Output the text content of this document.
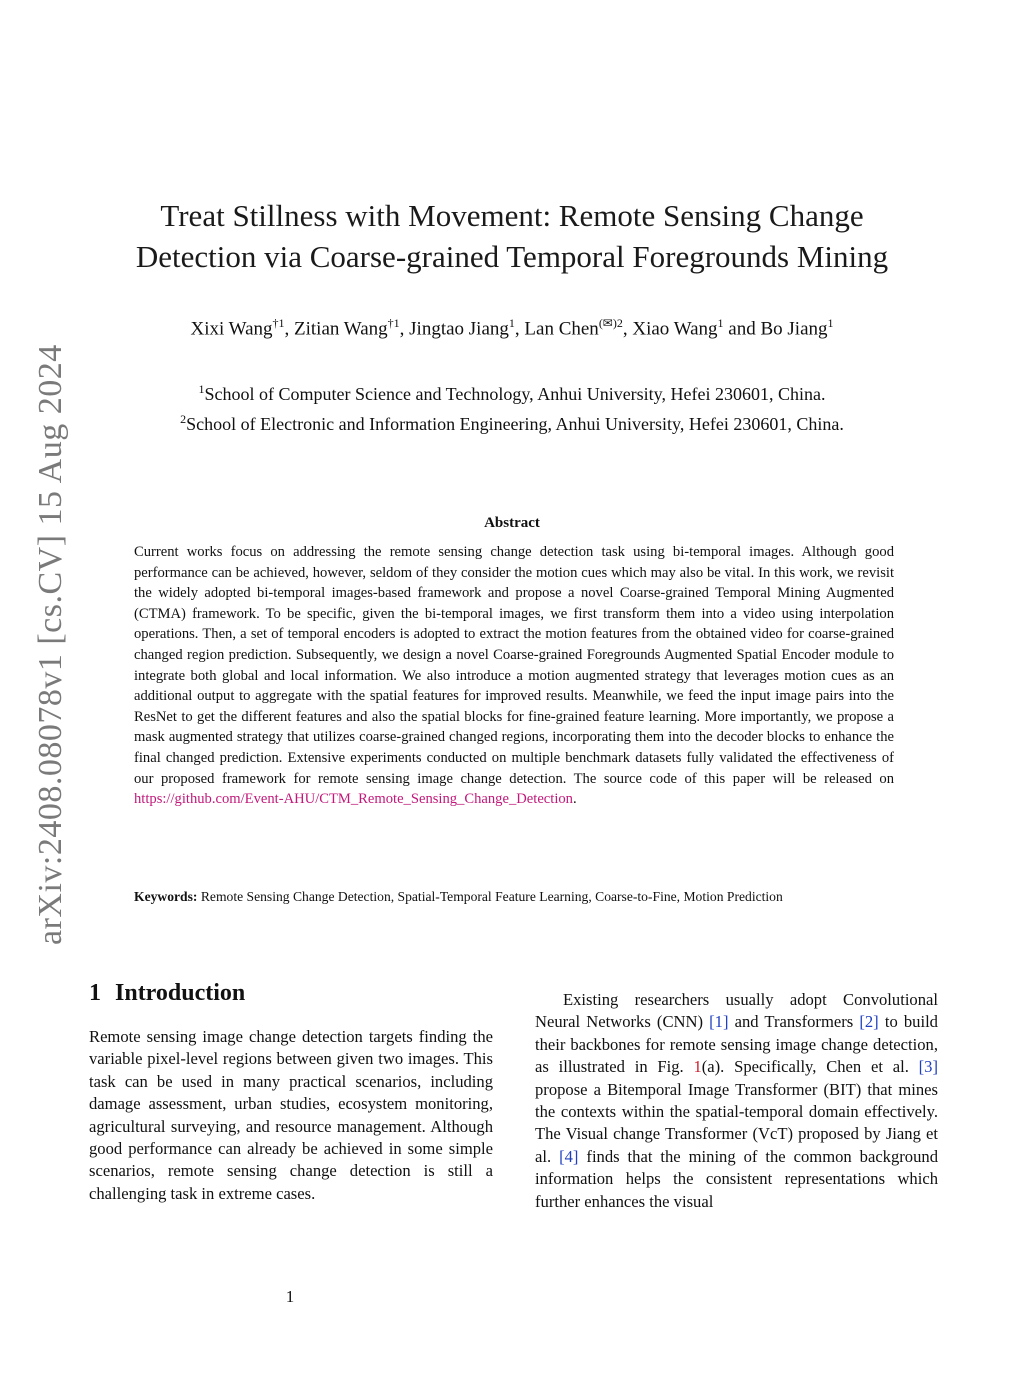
arXiv:2408.08078v1 [cs.CV] 15 Aug 2024
Treat Stillness with Movement: Remote Sensing Change
Detection via Coarse-grained Temporal Foregrounds Mining
Xixi Wang$^{\dagger 1}$, Zitian Wang$^{\dagger 1}$, Jingtao Jiang$^1$, Lan Chen$^{(✉)2}$, Xiao Wang$^1$ and Bo Jiang$^1$
$^1$School of Computer Science and Technology, Anhui University, Hefei 230601, China.
$^2$School of Electronic and Information Engineering, Anhui University, Hefei 230601, China.
Abstract
Current works focus on addressing the remote sensing change detection task using bi-temporal images. Although good performance can be achieved, however, seldom of they consider the motion cues which may also be vital. In this work, we revisit the widely adopted bi-temporal images-based framework and propose a novel Coarse-grained Temporal Mining Augmented (CTMA) framework. To be specific, given the bi-temporal images, we first transform them into a video using interpolation operations. Then, a set of temporal encoders is adopted to extract the motion features from the obtained video for coarse-grained changed region prediction. Subsequently, we design a novel Coarse-grained Foregrounds Augmented Spatial Encoder module to integrate both global and local information. We also introduce a motion augmented strategy that leverages motion cues as an additional output to aggregate with the spatial features for improved results. Meanwhile, we feed the input image pairs into the ResNet to get the different features and also the spatial blocks for fine-grained feature learning. More importantly, we propose a mask augmented strategy that utilizes coarse-grained changed regions, incorporating them into the decoder blocks to enhance the final changed prediction. Extensive experiments conducted on multiple benchmark datasets fully validated the effectiveness of our proposed framework for remote sensing image change detection. The source code of this paper will be released on https://github.com/Event-AHU/CTM_Remote_Sensing_Change_Detection.
Keywords: Remote Sensing Change Detection, Spatial-Temporal Feature Learning, Coarse-to-Fine, Motion Prediction
1 Introduction
Remote sensing image change detection targets finding the variable pixel-level regions between given two images. This task can be used in many practical scenarios, including damage assessment, urban studies, ecosystem monitoring, agricultural surveying, and resource management. Although good performance can already be achieved in some simple scenarios, remote sensing change detection is still a challenging task in extreme cases.
Existing researchers usually adopt Convolutional Neural Networks (CNN) [1] and Transformers [2] to build their backbones for remote sensing image change detection, as illustrated in Fig. 1(a). Specifically, Chen et al. [3] propose a Bitemporal Image Transformer (BIT) that mines the contexts within the spatial-temporal domain effectively. The Visual change Transformer (VcT) proposed by Jiang et al. [4] finds that the mining of the common background information helps the consistent representations which further enhances the visual
1
